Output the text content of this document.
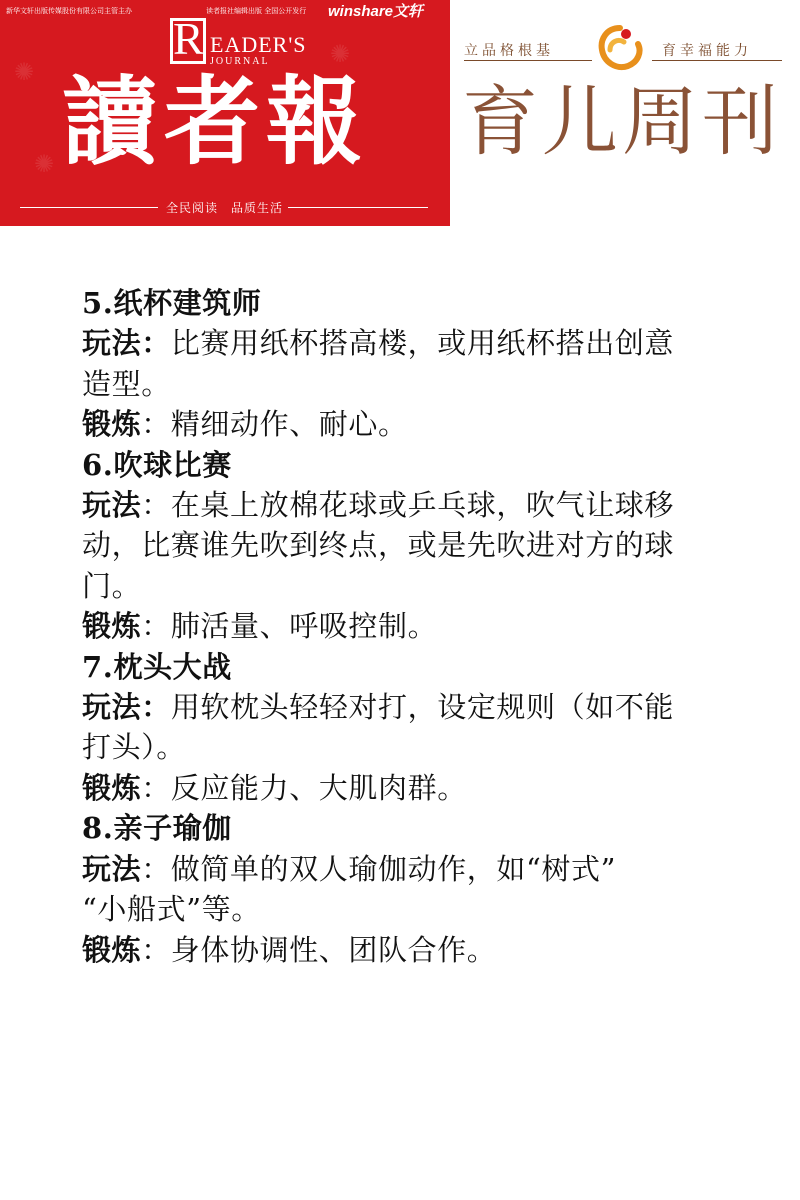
✺
✺
✺
新华文轩出版传媒股份有限公司主管主办	读者报社编辑出版 全国公开发行 winshare文轩
R EADER'S
JOURNAL
讀者報
全民阅读　品质生活
立品格根基	育幸福能力
育儿周刊
5.纸杯建筑师
玩法：比赛用纸杯搭高楼，或用纸杯搭出创意
造型。
锻炼：精细动作、耐心。
6.吹球比赛
玩法：在桌上放棉花球或乒乓球，吹气让球移
动，比赛谁先吹到终点，或是先吹进对方的球
门。
锻炼：肺活量、呼吸控制。
7.枕头大战
玩法：用软枕头轻轻对打，设定规则（如不能
打头）。
锻炼：反应能力、大肌肉群。
8.亲子瑜伽
玩法：做简单的双人瑜伽动作，如“树式”
“小船式”等。
锻炼：身体协调性、团队合作。
